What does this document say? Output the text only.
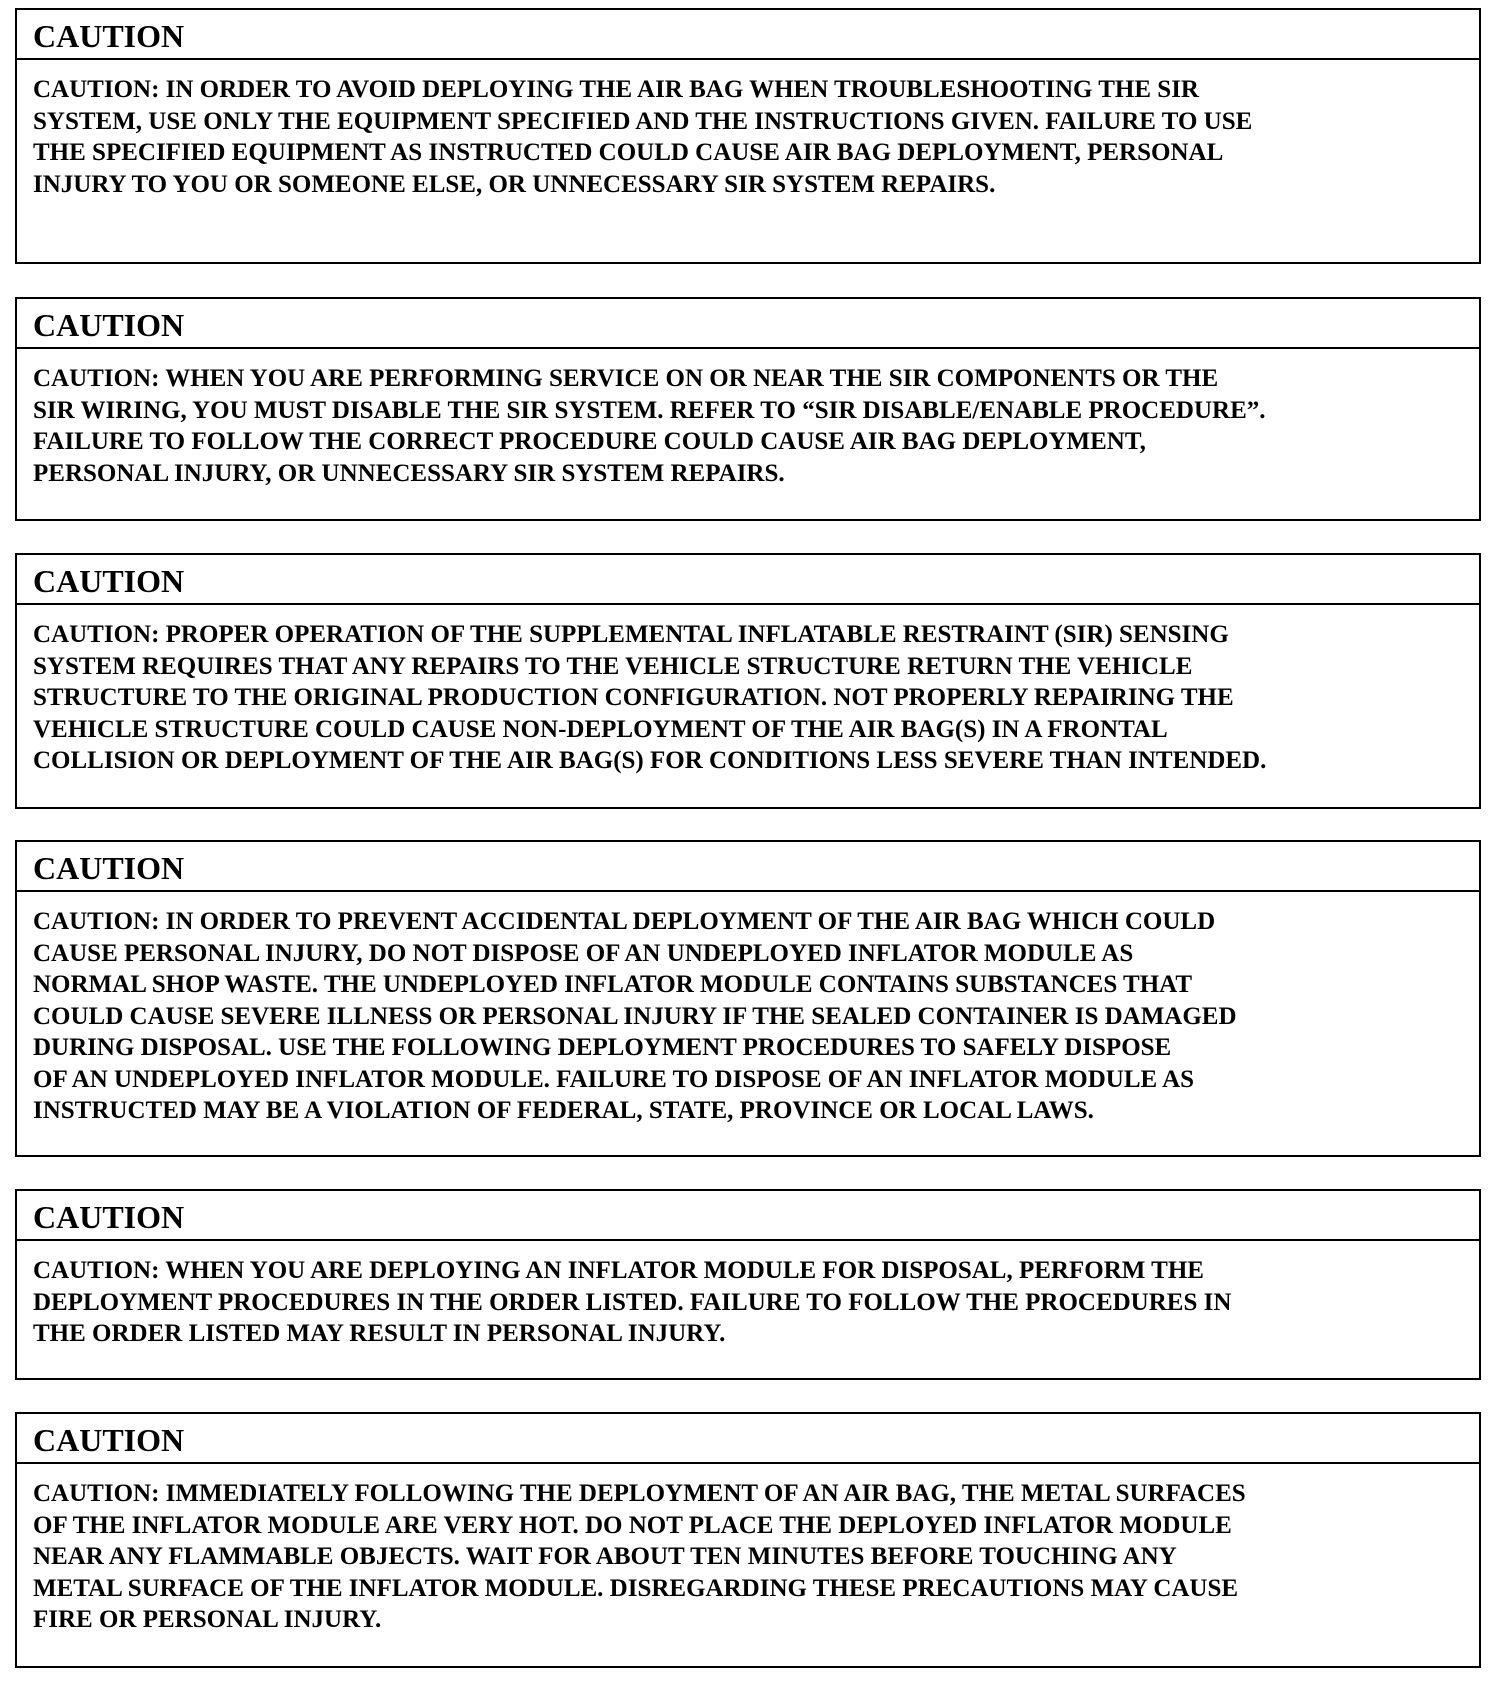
CAUTION
CAUTION: IN ORDER TO AVOID DEPLOYING THE AIR BAG WHEN TROUBLESHOOTING THE SIR
SYSTEM, USE ONLY THE EQUIPMENT SPECIFIED AND THE INSTRUCTIONS GIVEN. FAILURE TO USE
THE SPECIFIED EQUIPMENT AS INSTRUCTED COULD CAUSE AIR BAG DEPLOYMENT, PERSONAL
INJURY TO YOU OR SOMEONE ELSE, OR UNNECESSARY SIR SYSTEM REPAIRS.
CAUTION
CAUTION: WHEN YOU ARE PERFORMING SERVICE ON OR NEAR THE SIR COMPONENTS OR THE
SIR WIRING, YOU MUST DISABLE THE SIR SYSTEM. REFER TO “SIR DISABLE/ENABLE PROCEDURE”.
FAILURE TO FOLLOW THE CORRECT PROCEDURE COULD CAUSE AIR BAG DEPLOYMENT,
PERSONAL INJURY, OR UNNECESSARY SIR SYSTEM REPAIRS.
CAUTION
CAUTION: PROPER OPERATION OF THE SUPPLEMENTAL INFLATABLE RESTRAINT (SIR) SENSING
SYSTEM REQUIRES THAT ANY REPAIRS TO THE VEHICLE STRUCTURE RETURN THE VEHICLE
STRUCTURE TO THE ORIGINAL PRODUCTION CONFIGURATION. NOT PROPERLY REPAIRING THE
VEHICLE STRUCTURE COULD CAUSE NON-DEPLOYMENT OF THE AIR BAG(S) IN A FRONTAL
COLLISION OR DEPLOYMENT OF THE AIR BAG(S) FOR CONDITIONS LESS SEVERE THAN INTENDED.
CAUTION
CAUTION: IN ORDER TO PREVENT ACCIDENTAL DEPLOYMENT OF THE AIR BAG WHICH COULD
CAUSE PERSONAL INJURY, DO NOT DISPOSE OF AN UNDEPLOYED INFLATOR MODULE AS
NORMAL SHOP WASTE. THE UNDEPLOYED INFLATOR MODULE CONTAINS SUBSTANCES THAT
COULD CAUSE SEVERE ILLNESS OR PERSONAL INJURY IF THE SEALED CONTAINER IS DAMAGED
DURING DISPOSAL. USE THE FOLLOWING DEPLOYMENT PROCEDURES TO SAFELY DISPOSE
OF AN UNDEPLOYED INFLATOR MODULE. FAILURE TO DISPOSE OF AN INFLATOR MODULE AS
INSTRUCTED MAY BE A VIOLATION OF FEDERAL, STATE, PROVINCE OR LOCAL LAWS.
CAUTION
CAUTION: WHEN YOU ARE DEPLOYING AN INFLATOR MODULE FOR DISPOSAL, PERFORM THE
DEPLOYMENT PROCEDURES IN THE ORDER LISTED. FAILURE TO FOLLOW THE PROCEDURES IN
THE ORDER LISTED MAY RESULT IN PERSONAL INJURY.
CAUTION
CAUTION: IMMEDIATELY FOLLOWING THE DEPLOYMENT OF AN AIR BAG, THE METAL SURFACES
OF THE INFLATOR MODULE ARE VERY HOT. DO NOT PLACE THE DEPLOYED INFLATOR MODULE
NEAR ANY FLAMMABLE OBJECTS. WAIT FOR ABOUT TEN MINUTES BEFORE TOUCHING ANY
METAL SURFACE OF THE INFLATOR MODULE. DISREGARDING THESE PRECAUTIONS MAY CAUSE
FIRE OR PERSONAL INJURY.
